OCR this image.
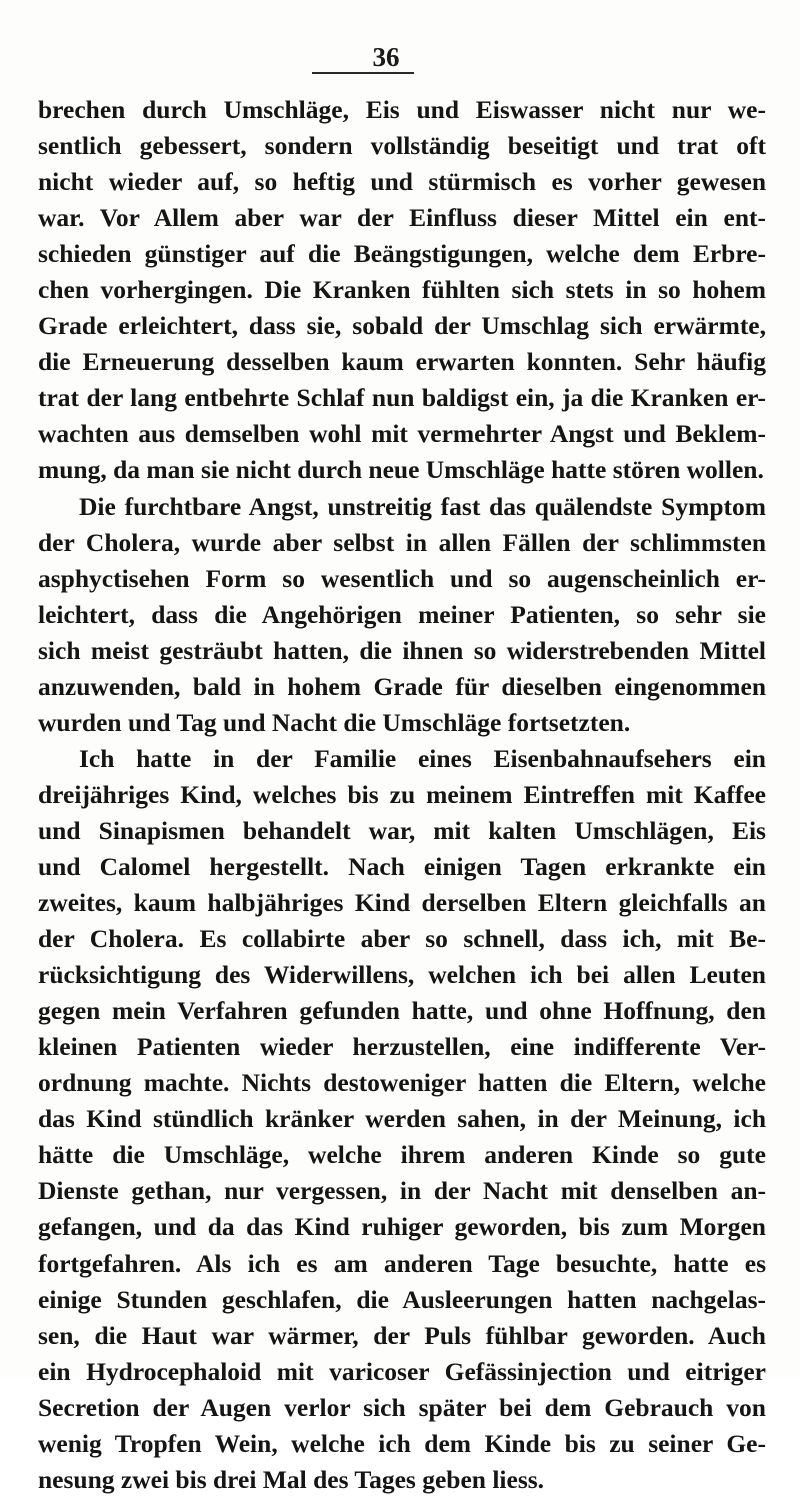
36
brechen durch Umschläge, Eis und Eiswasser nicht nur we-
sentlich gebessert, sondern vollständig beseitigt und trat oft
nicht wieder auf, so heftig und stürmisch es vorher gewesen
war. Vor Allem aber war der Einfluss dieser Mittel ein ent-
schieden günstiger auf die Beängstigungen, welche dem Erbre-
chen vorhergingen. Die Kranken fühlten sich stets in so hohem
Grade erleichtert, dass sie, sobald der Umschlag sich erwärmte,
die Erneuerung desselben kaum erwarten konnten. Sehr häufig
trat der lang entbehrte Schlaf nun baldigst ein, ja die Kranken er-
wachten aus demselben wohl mit vermehrter Angst und Beklem-
mung, da man sie nicht durch neue Umschläge hatte stören wollen.
Die furchtbare Angst, unstreitig fast das quälendste Symptom
der Cholera, wurde aber selbst in allen Fällen der schlimmsten
asphyctisehen Form so wesentlich und so augenscheinlich er-
leichtert, dass die Angehörigen meiner Patienten, so sehr sie
sich meist gesträubt hatten, die ihnen so widerstrebenden Mittel
anzuwenden, bald in hohem Grade für dieselben eingenommen
wurden und Tag und Nacht die Umschläge fortsetzten.
Ich hatte in der Familie eines Eisenbahnaufsehers ein
dreijähriges Kind, welches bis zu meinem Eintreffen mit Kaffee
und Sinapismen behandelt war, mit kalten Umschlägen, Eis
und Calomel hergestellt. Nach einigen Tagen erkrankte ein
zweites, kaum halbjähriges Kind derselben Eltern gleichfalls an
der Cholera. Es collabirte aber so schnell, dass ich, mit Be-
rücksichtigung des Widerwillens, welchen ich bei allen Leuten
gegen mein Verfahren gefunden hatte, und ohne Hoffnung, den
kleinen Patienten wieder herzustellen, eine indifferente Ver-
ordnung machte. Nichts destoweniger hatten die Eltern, welche
das Kind stündlich kränker werden sahen, in der Meinung, ich
hätte die Umschläge, welche ihrem anderen Kinde so gute
Dienste gethan, nur vergessen, in der Nacht mit denselben an-
gefangen, und da das Kind ruhiger geworden, bis zum Morgen
fortgefahren. Als ich es am anderen Tage besuchte, hatte es
einige Stunden geschlafen, die Ausleerungen hatten nachgelas-
sen, die Haut war wärmer, der Puls fühlbar geworden. Auch
ein Hydrocephaloid mit varicoser Gefässinjection und eitriger
Secretion der Augen verlor sich später bei dem Gebrauch von
wenig Tropfen Wein, welche ich dem Kinde bis zu seiner Ge-
nesung zwei bis drei Mal des Tages geben liess.
